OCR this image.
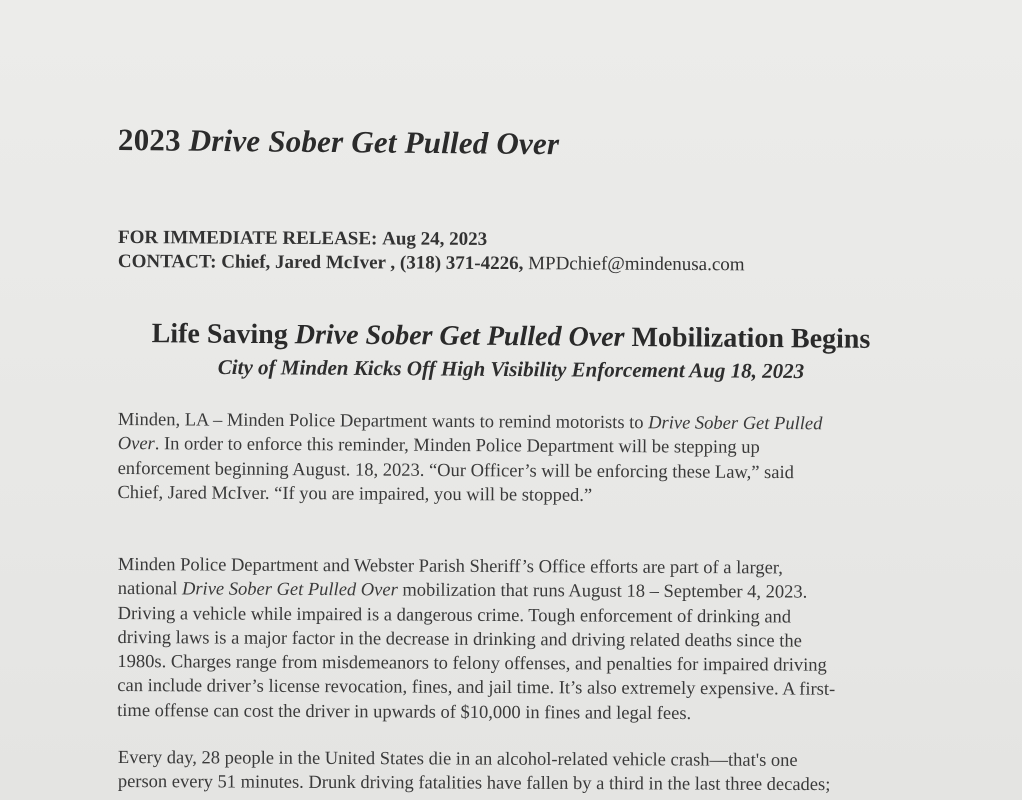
2023 Drive Sober Get Pulled Over
FOR IMMEDIATE RELEASE: Aug 24, 2023
CONTACT: Chief, Jared McIver , (318) 371-4226, MPDchief@mindenusa.com
Life Saving Drive Sober Get Pulled Over Mobilization Begins
City of Minden Kicks Off High Visibility Enforcement Aug 18, 2023
Minden, LA – Minden Police Department wants to remind motorists to Drive Sober Get Pulled
Over. In order to enforce this reminder, Minden Police Department will be stepping up
enforcement beginning August. 18, 2023. “Our Officer’s will be enforcing these Law,” said
Chief, Jared McIver. “If you are impaired, you will be stopped.”
Minden Police Department and Webster Parish Sheriff’s Office efforts are part of a larger,
national Drive Sober Get Pulled Over mobilization that runs August 18 – September 4, 2023.
Driving a vehicle while impaired is a dangerous crime. Tough enforcement of drinking and
driving laws is a major factor in the decrease in drinking and driving related deaths since the
1980s. Charges range from misdemeanors to felony offenses, and penalties for impaired driving
can include driver’s license revocation, fines, and jail time. It’s also extremely expensive. A first-
time offense can cost the driver in upwards of $10,000 in fines and legal fees.
Every day, 28 people in the United States die in an alcohol-related vehicle crash—that's one
person every 51 minutes. Drunk driving fatalities have fallen by a third in the last three decades;
